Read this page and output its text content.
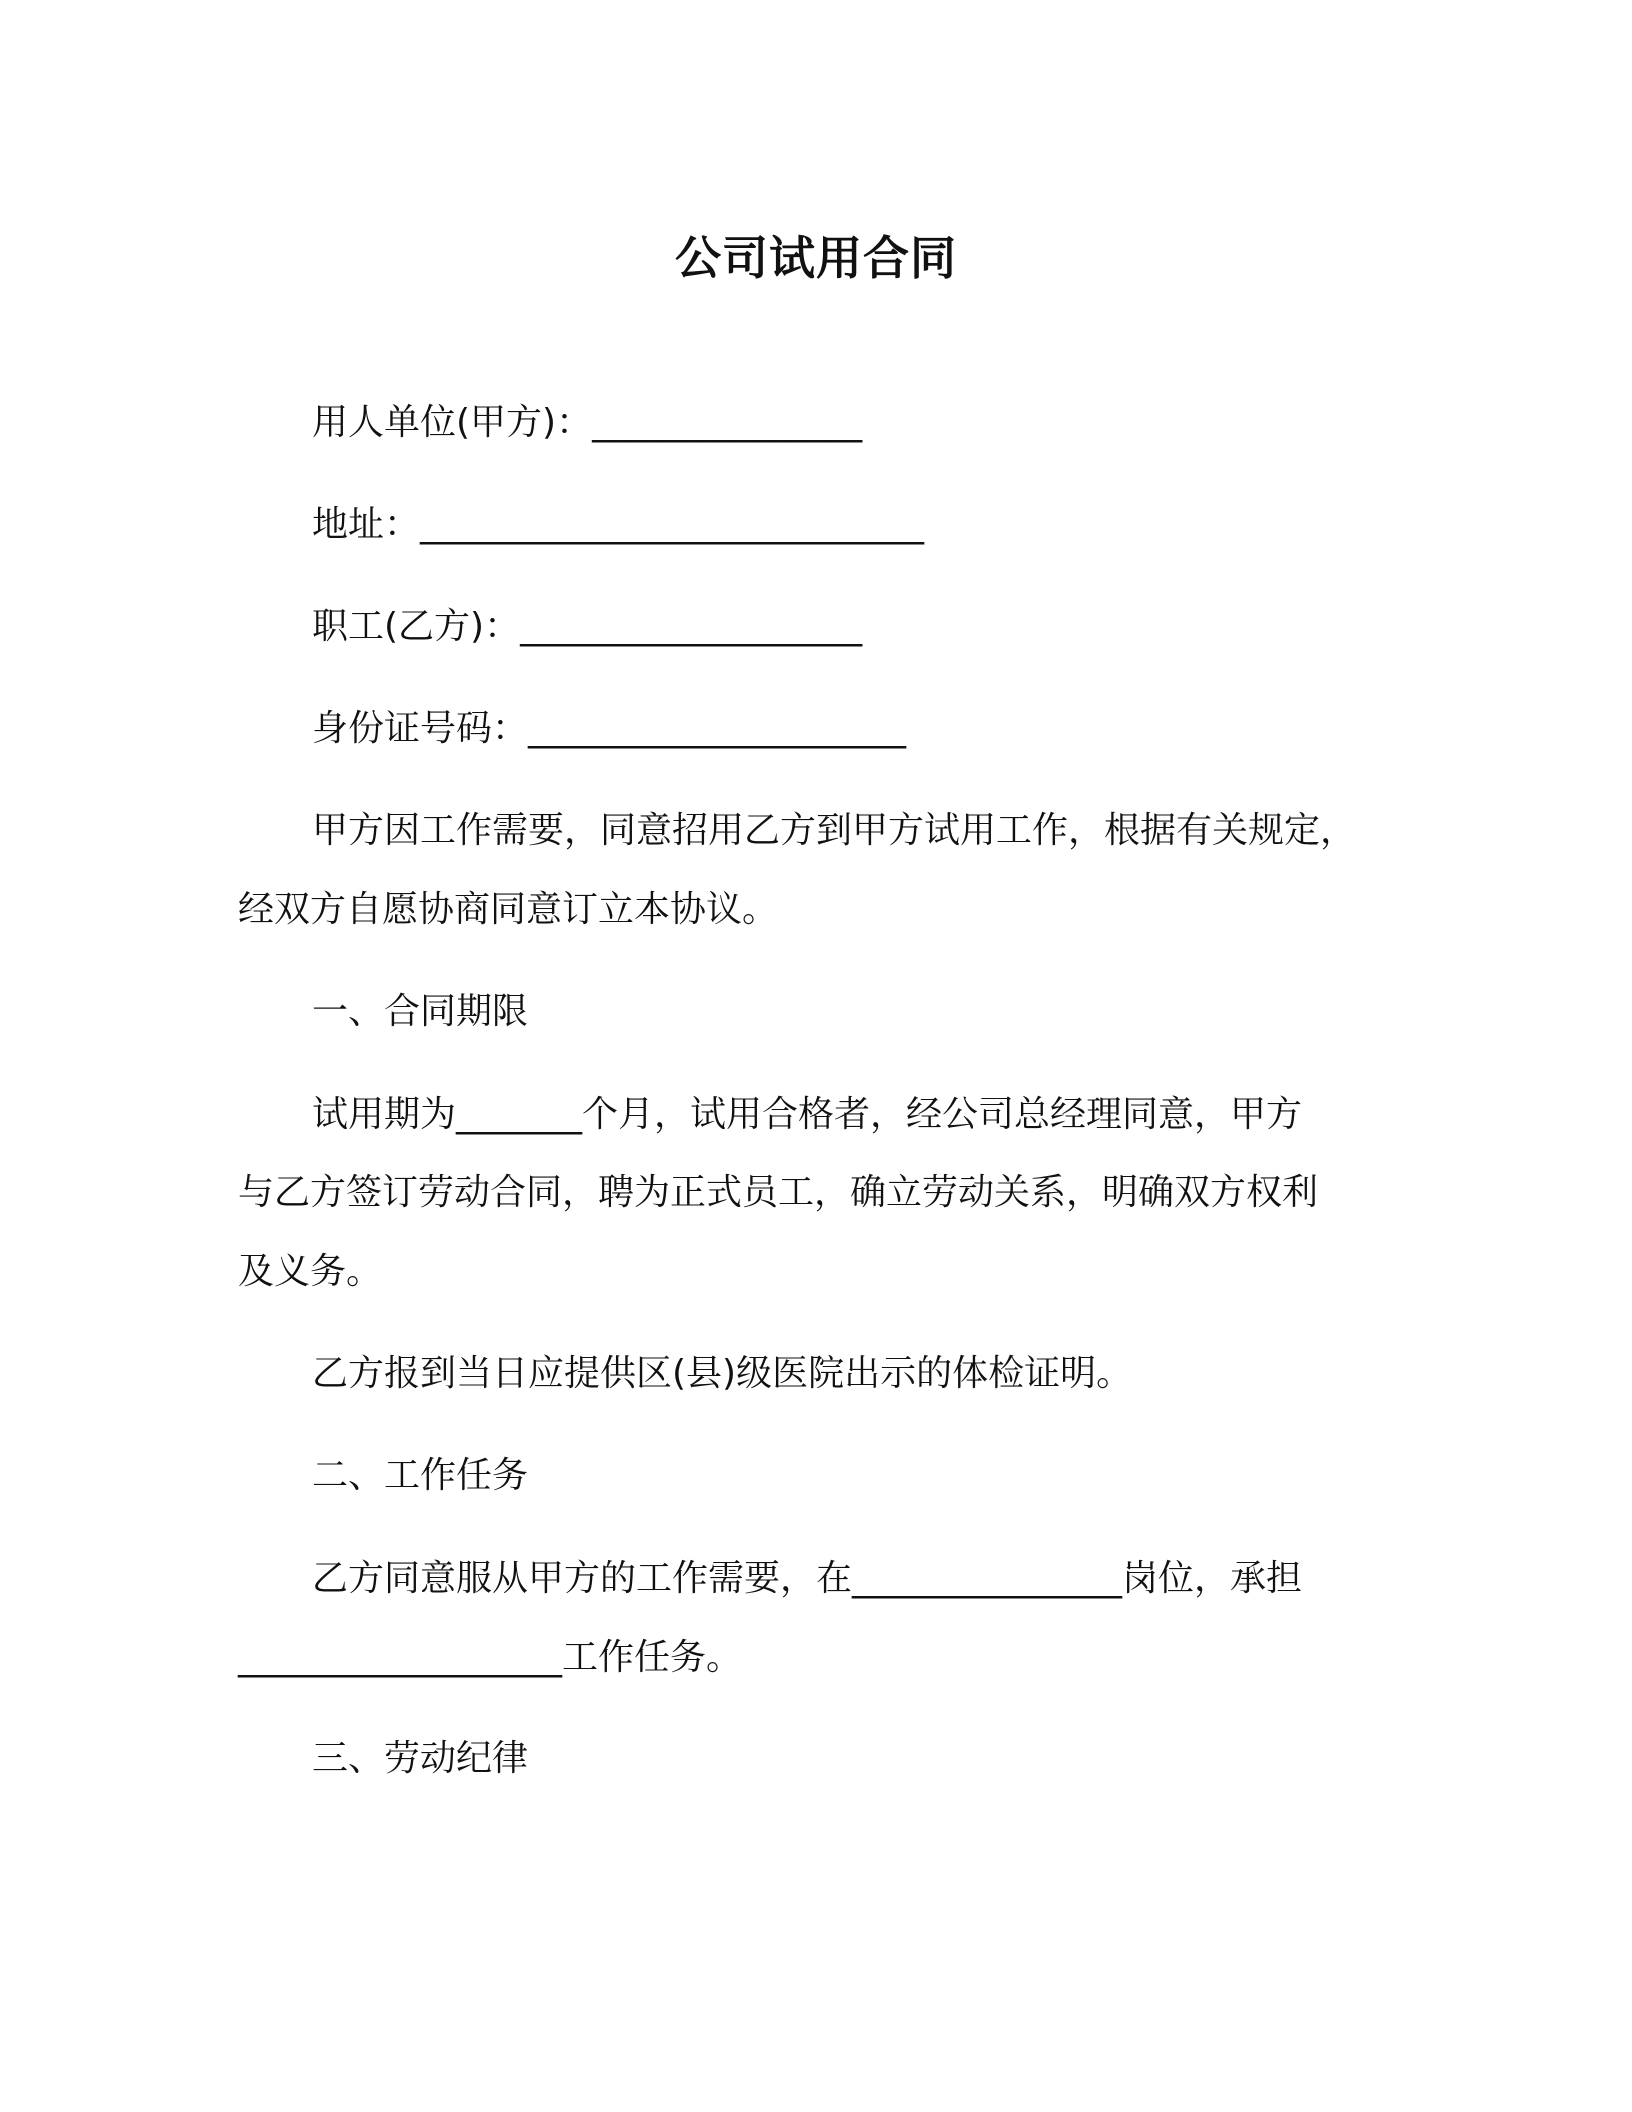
公司试用合同
用人单位(甲方)：_______________
地址：____________________________
职工(乙方)：___________________
身份证号码：_____________________
甲方因工作需要，同意招用乙方到甲方试用工作，根据有关规定，
经双方自愿协商同意订立本协议。
一、合同期限
试用期为_______个月，试用合格者，经公司总经理同意，甲方
与乙方签订劳动合同，聘为正式员工，确立劳动关系，明确双方权利
及义务。
乙方报到当日应提供区(县)级医院出示的体检证明。
二、工作任务
乙方同意服从甲方的工作需要，在_______________岗位，承担
__________________工作任务。
三、劳动纪律
